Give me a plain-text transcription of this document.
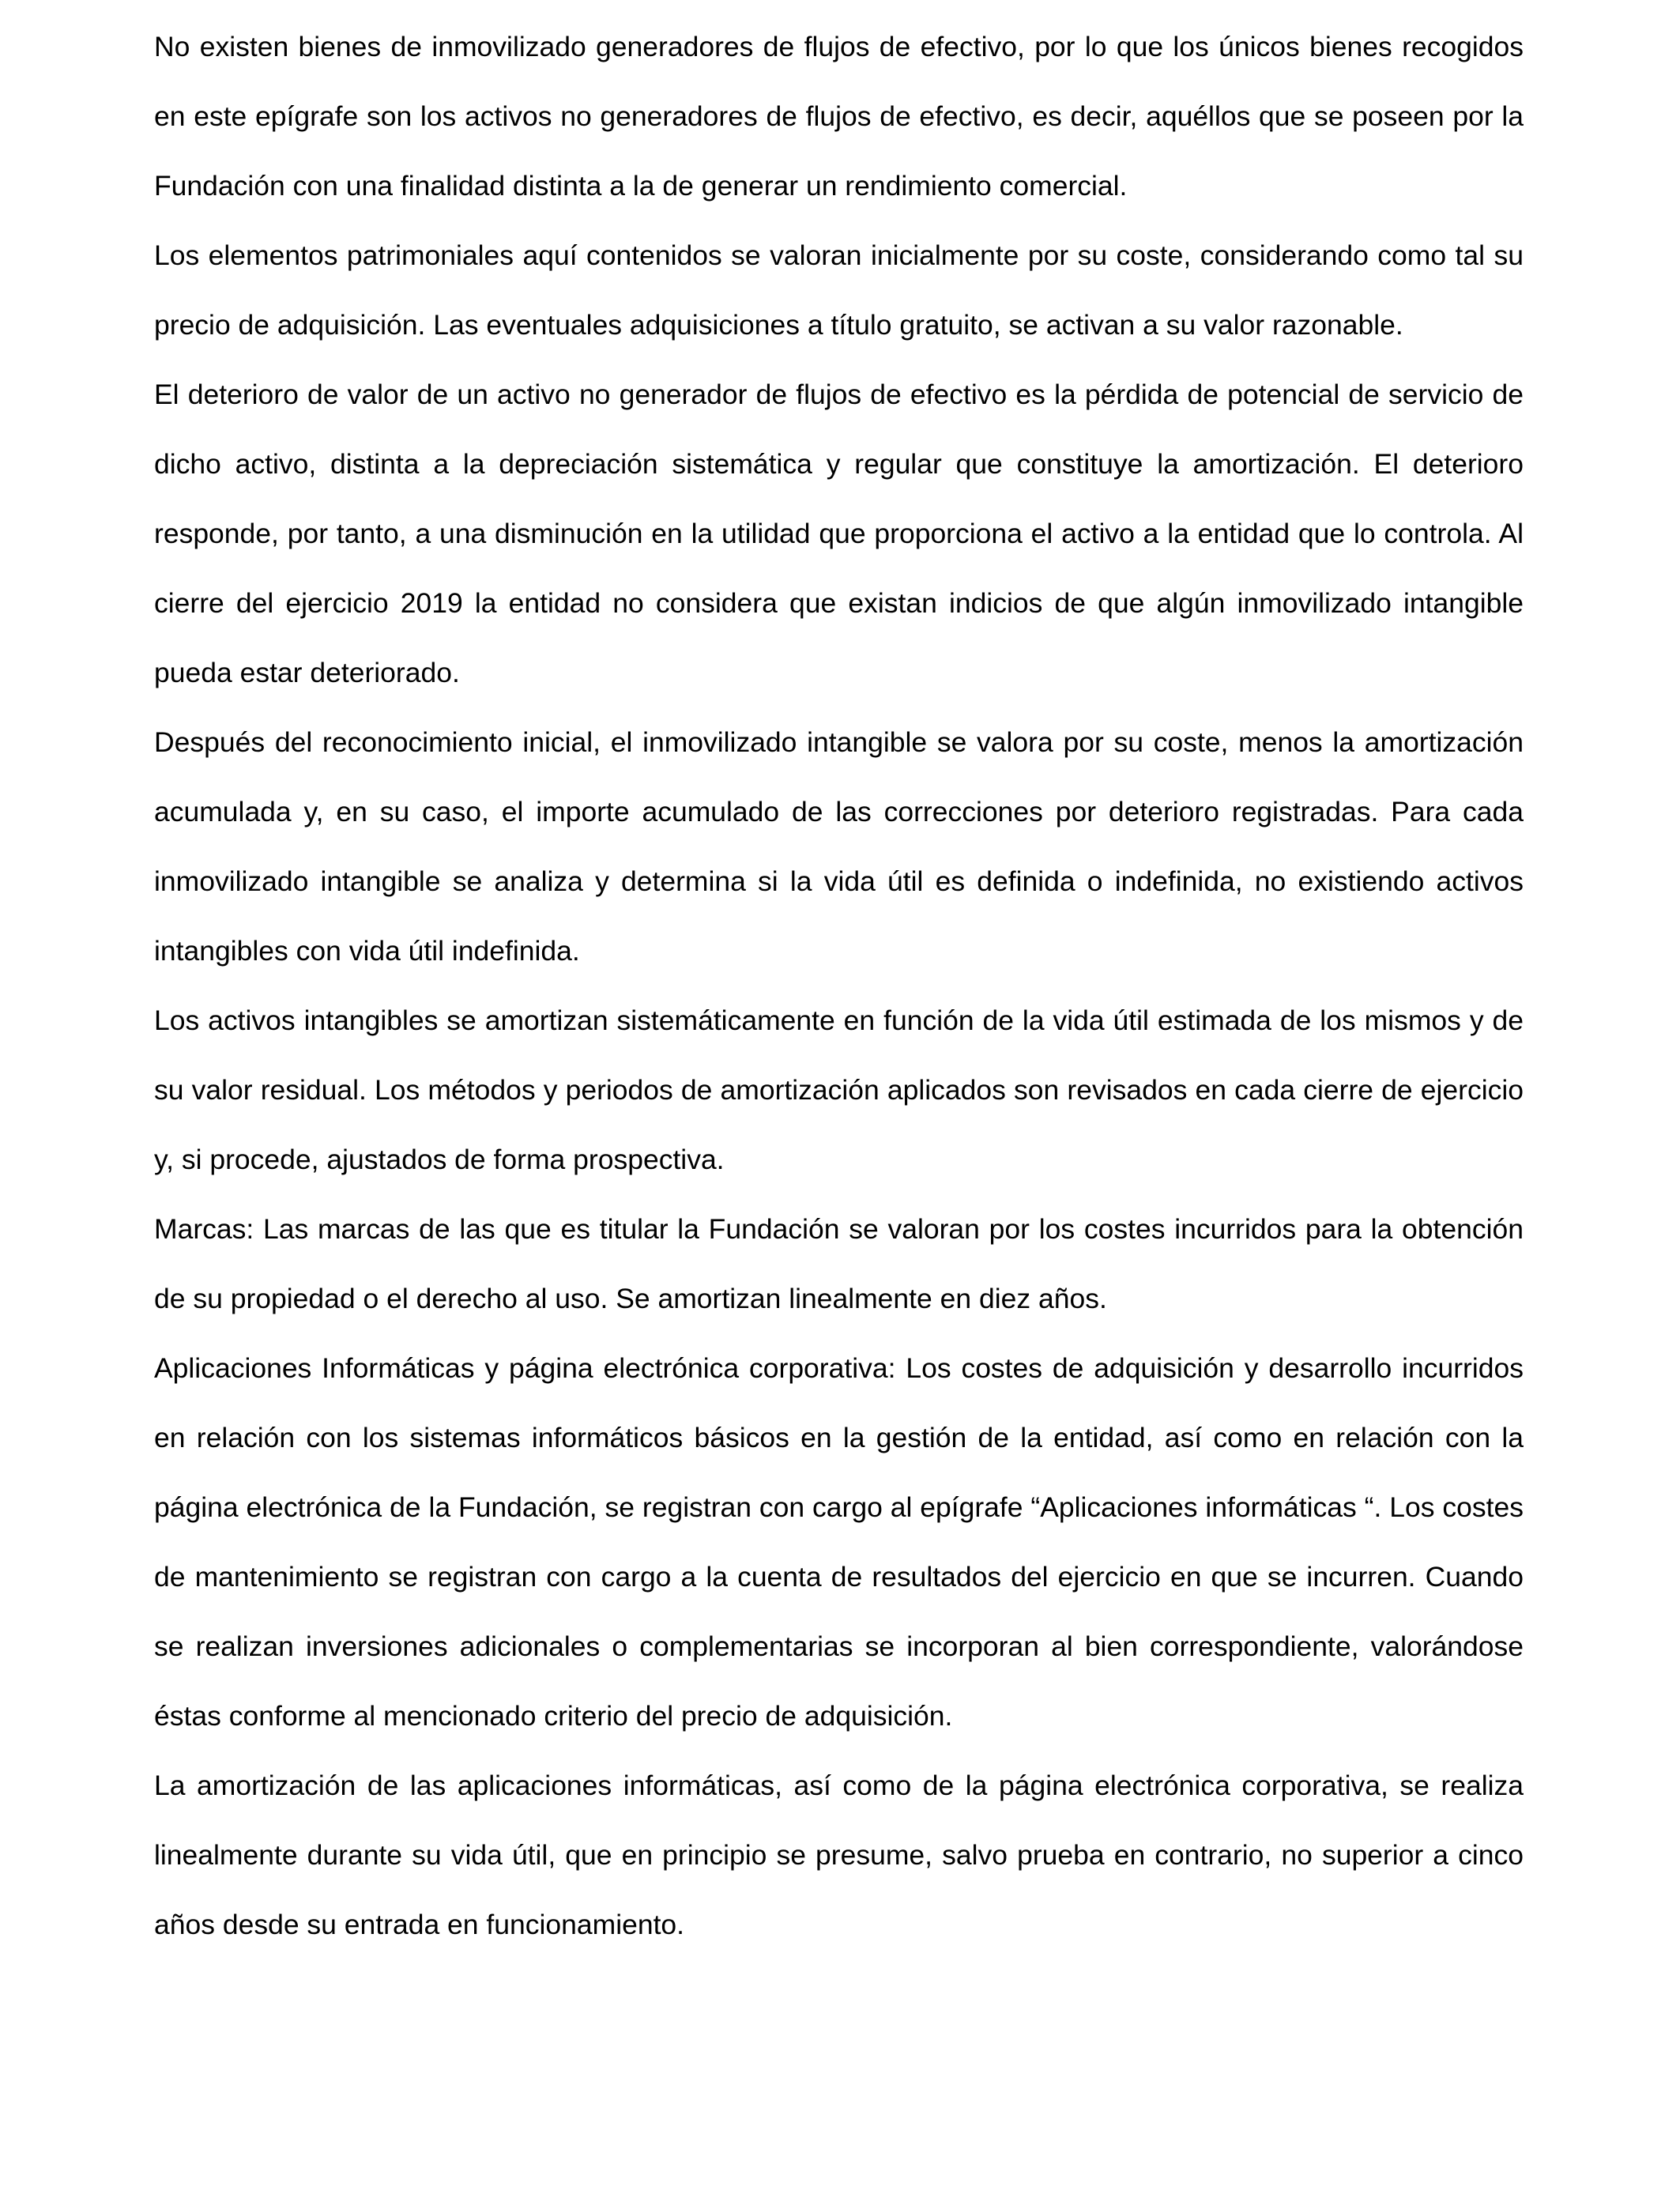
No existen bienes de inmovilizado generadores de flujos de efectivo, por lo que los únicos bienes recogidos en este epígrafe son los activos no generadores de flujos de efectivo, es decir, aquéllos que se poseen por la Fundación con una finalidad distinta a la de generar un rendimiento comercial.

Los elementos patrimoniales aquí contenidos se valoran inicialmente por su coste, considerando como tal su precio de adquisición. Las eventuales adquisiciones a título gratuito, se activan a su valor razonable.

El deterioro de valor de un activo no generador de flujos de efectivo es la pérdida de potencial de servicio de dicho activo, distinta a la depreciación sistemática y regular que constituye la amortización. El deterioro responde, por tanto, a una disminución en la utilidad que proporciona el activo a la entidad que lo controla. Al cierre del ejercicio 2019 la entidad no considera que existan indicios de que algún inmovilizado intangible pueda estar deteriorado.

Después del reconocimiento inicial, el inmovilizado intangible se valora por su coste, menos la amortización acumulada y, en su caso, el importe acumulado de las correcciones por deterioro registradas. Para cada inmovilizado intangible se analiza y determina si la vida útil es definida o indefinida, no existiendo activos intangibles con vida útil indefinida.

Los activos intangibles se amortizan sistemáticamente en función de la vida útil estimada de los mismos y de su valor residual. Los métodos y periodos de amortización aplicados son revisados en cada cierre de ejercicio y, si procede, ajustados de forma prospectiva.

Marcas: Las marcas de las que es titular la Fundación se valoran por los costes incurridos para la obtención de su propiedad o el derecho al uso. Se amortizan linealmente en diez años.

Aplicaciones Informáticas y página electrónica corporativa: Los costes de adquisición y desarrollo incurridos en relación con los sistemas informáticos básicos en la gestión de la entidad, así como en relación con la página electrónica de la Fundación, se registran con cargo al epígrafe “Aplicaciones informáticas “. Los costes de mantenimiento se registran con cargo a la cuenta de resultados del ejercicio en que se incurren. Cuando se realizan inversiones adicionales o complementarias se incorporan al bien correspondiente, valorándose éstas conforme al mencionado criterio del precio de adquisición.

La amortización de las aplicaciones informáticas, así como de la página electrónica corporativa, se realiza linealmente durante su vida útil, que en principio se presume, salvo prueba en contrario, no superior a cinco años desde su entrada en funcionamiento.
